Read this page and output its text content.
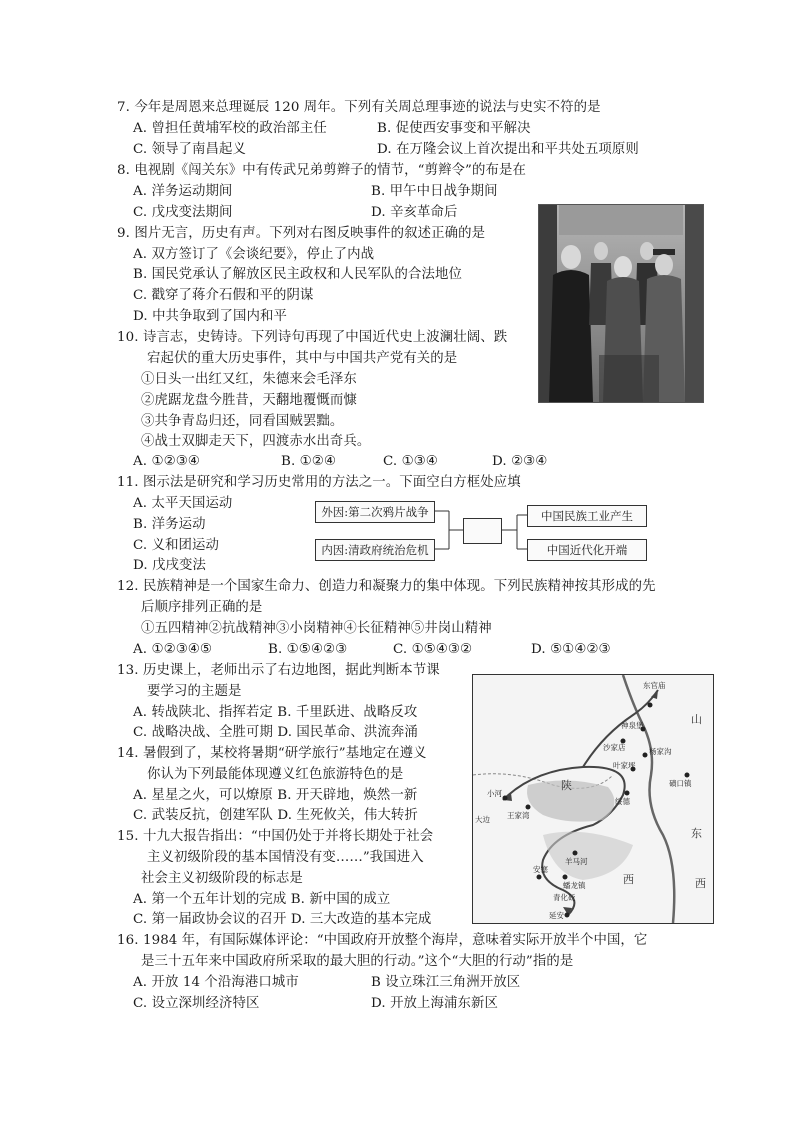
7. 今年是周恩来总理诞辰 120 周年。下列有关周总理事迹的说法与史实不符的是
A. 曾担任黄埔军校的政治部主任	B. 促使西安事变和平解决
C. 领导了南昌起义	D. 在万隆会议上首次提出和平共处五项原则
8. 电视剧《闯关东》中有传武兄弟剪辫子的情节，“剪辫令”的布是在
A. 洋务运动期间	B. 甲午中日战争期间
C. 戊戌变法期间	D. 辛亥革命后
9. 图片无言，历史有声。下列对右图反映事件的叙述正确的是
A. 双方签订了《会谈纪要》，停止了内战
B. 国民党承认了解放区民主政权和人民军队的合法地位
C. 戳穿了蒋介石假和平的阴谋
D. 中共争取到了国内和平
10. 诗言志，史铸诗。下列诗句再现了中国近代史上波澜壮阔、跌
宕起伏的重大历史事件，其中与中国共产党有关的是
①日头一出红又红，朱德来会毛泽东
②虎踞龙盘今胜昔，天翻地覆慨而慷
③共争青岛归还，同看国贼罢黜。
④战士双脚走天下，四渡赤水出奇兵。
A. ①②③④	B. ①②④	C. ①③④	D. ②③④
11. 图示法是研究和学习历史常用的方法之一。下面空白方框处应填
A. 太平天国运动
B. 洋务运动
C. 义和团运动
D. 戊戌变法
外因:第二次鸦片战争
内因:清政府统治危机
中国民族工业产生
中国近代化开端
12. 民族精神是一个国家生命力、创造力和凝聚力的集中体现。下列民族精神按其形成的先
后顺序排列正确的是
①五四精神②抗战精神③小岗精神④长征精神⑤井岗山精神
A. ①②③④⑤	B. ①⑤④②③	C. ①⑤④③②	D. ⑤①④②③
13. 历史课上，老师出示了右边地图，据此判断本节课
要学习的主题是
A. 转战陕北、指挥若定 B. 千里跃进、战略反攻
C. 战略决战、全胜可期 D. 国民革命、洪流奔涌
14. 暑假到了，某校将暑期“研学旅行”基地定在遵义
你认为下列最能体现遵义红色旅游特色的是
A. 星星之火，可以燎原 B. 开天辟地，焕然一新
C. 武装反抗，创建军队 D. 生死攸关，伟大转折
15. 十九大报告指出：“中国仍处于并将长期处于社会
主义初级阶段的基本国情没有变……”我国进入
社会主义初级阶段的标志是
A. 第一个五年计划的完成 B. 新中国的成立
C. 第一届政协会议的召开 D. 三大改造的基本完成
16. 1984 年，有国际媒体评论：“中国政府开放整个海岸，意味着实际开放半个中国，它
是三十五年来中国政府所采取的最大胆的行动。”这个“大胆的行动”指的是
A. 开放 14 个沿海港口城市	B 设立珠江三角洲开放区
C. 设立深圳经济特区	D. 开放上海浦东新区
东官庙
神泉堡
沙家店	杨家沟
叶家坪
磧口镇
绥德
小河
王家湾
大边
羊马河
蟠龙镇
安塞
青化砭
延安
山
陕
西
东
西
